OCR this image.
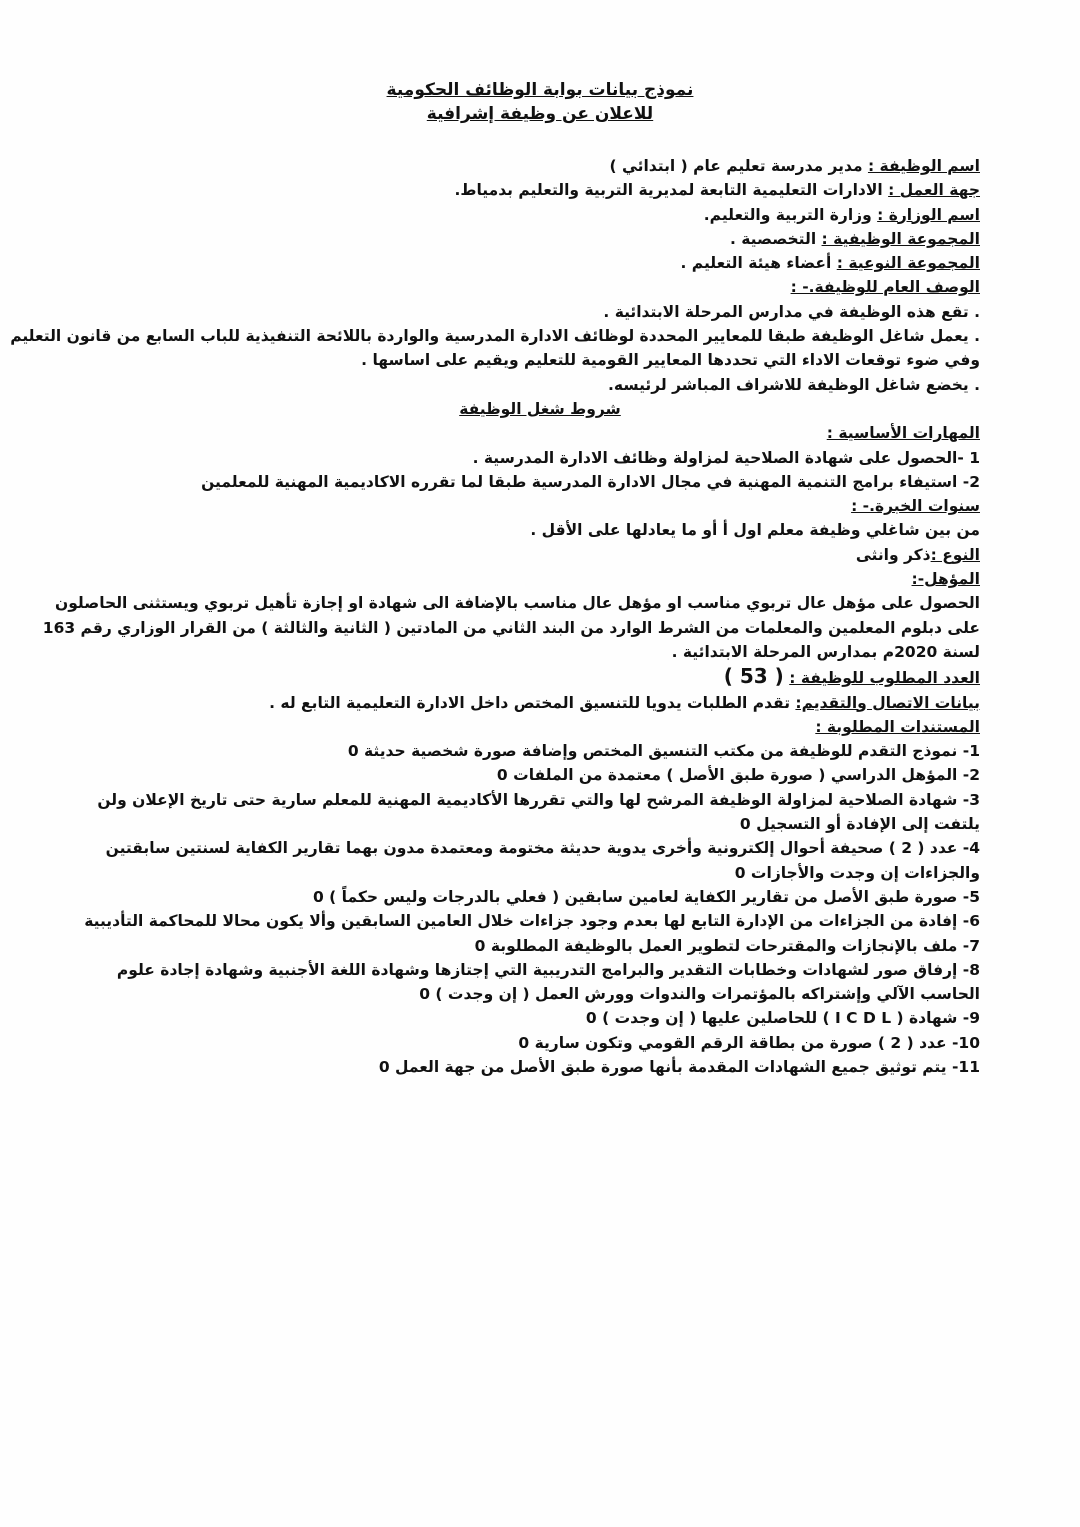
نموذج بيانات بوابة الوظائف الحكومية
للاعلان عن وظيفة إشرافية
اسم الوظيفة : مدير مدرسة تعليم عام ( ابتدائي )
جهة العمل : الادارات التعليمية التابعة لمديرية التربية والتعليم بدمياط.
اسم الوزارة : وزارة التربية والتعليم.
المجموعة الوظيفية : التخصصية .
المجموعة النوعية : أعضاء هيئة التعليم .
الوصف العام للوظيفة.- :
. تقع هذه الوظيفة في مدارس المرحلة الابتدائية .
. يعمل شاغل الوظيفة طبقا للمعايير المحددة لوظائف الادارة المدرسية والواردة باللائحة التنفيذية للباب السابع من قانون التعليم
وفي ضوء توقعات الاداء التي تحددها المعايير القومية للتعليم ويقيم على اساسها .
. يخضع شاغل الوظيفة للاشراف المباشر لرئيسه.
شروط شغل الوظيفة
المهارات الأساسية :
1 -الحصول على شهادة الصلاحية لمزاولة وظائف الادارة المدرسية .
2- استيفاء برامج التنمية المهنية في مجال الادارة المدرسية طبقا لما تقرره الاكاديمية المهنية للمعلمين
سنوات الخبرة.- :
من بين شاغلي وظيفة معلم اول أ أو ما يعادلها على الأقل .
النوع :ذكر وانثى
المؤهل-:
الحصول على مؤهل عال تربوي مناسب او مؤهل عال مناسب بالإضافة الى شهادة او إجازة تأهيل تربوي ويستثنى الحاصلون
على دبلوم المعلمين والمعلمات من الشرط الوارد من البند الثاني من المادتين ( الثانية والثالثة ) من القرار الوزاري رقم 163
لسنة 2020م بمدارس المرحلة الابتدائية .
العدد المطلوب للوظيفة : ( 53 )
بيانات الاتصال والتقديم: تقدم الطلبات يدويا للتنسيق المختص داخل الادارة التعليمية التابع له .
المستندات المطلوبة :
1- نموذج التقدم للوظيفة من مكتب التنسيق المختص وإضافة صورة شخصية حديثة 0
2- المؤهل الدراسي ( صورة طبق الأصل ) معتمدة من الملفات 0
3- شهادة الصلاحية لمزاولة الوظيفة المرشح لها والتي تقررها الأكاديمية المهنية للمعلم سارية حتى تاريخ الإعلان ولن
يلتفت إلى الإفادة أو التسجيل 0
4- عدد ( 2 ) صحيفة أحوال إلكترونية وأخرى يدوية حديثة مختومة ومعتمدة مدون بهما تقارير الكفاية لسنتين سابقتين
والجزاءات إن وجدت والأجازات 0
5- صورة طبق الأصل من تقارير الكفاية لعامين سابقين ( فعلي بالدرجات وليس حكماً ) 0
6- إفادة من الجزاءات من الإدارة التابع لها بعدم وجود جزاءات خلال العامين السابقين وألا يكون محالا للمحاكمة التأديبية
7- ملف بالإنجازات والمقترحات لتطوير العمل بالوظيفة المطلوبة 0
8- إرفاق صور لشهادات وخطابات التقدير والبرامج التدريبية التي إجتازها وشهادة اللغة الأجنبية وشهادة إجادة علوم
الحاسب الآلي وإشتراكه بالمؤتمرات والندوات وورش العمل ( إن وجدت ) 0
9- شهادة ( I C D L ) للحاصلين عليها ( إن وجدت ) 0
10- عدد ( 2 ) صورة من بطاقة الرقم القومي وتكون سارية 0
11- يتم توثيق جميع الشهادات المقدمة بأنها صورة طبق الأصل من جهة العمل 0
